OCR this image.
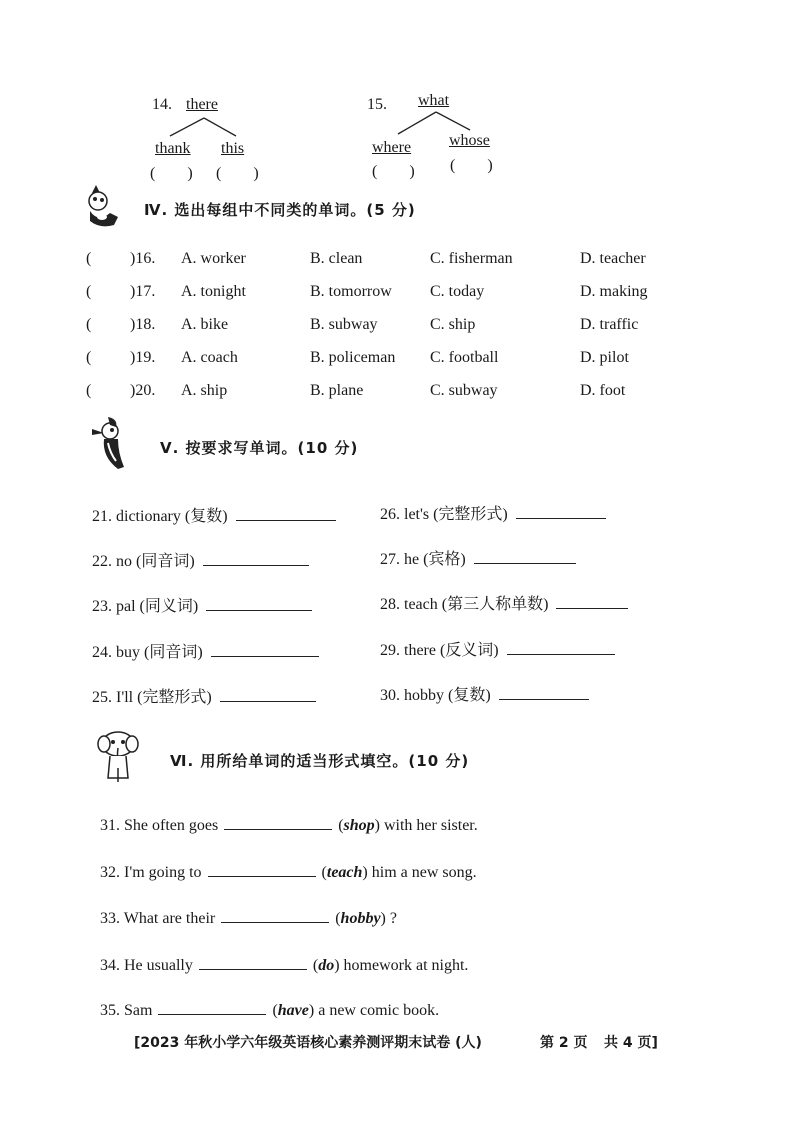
14. there
thank this
(　　) (　　)
15. what
where whose
(　　) (　　)
Ⅳ. 选出每组中不同类的单词。(5 分)
( )16. A. worker	B. clean	C. fisherman	D. teacher
( )17. A. tonight	B. tomorrow C. today	D. making
( )18. A. bike	B. subway	C. ship	D. traffic
( )19. A. coach	B. policeman C. football	D. pilot
( )20. A. ship	B. plane	C. subway	D. foot
Ⅴ. 按要求写单词。(10 分)
21. dictionary (复数)
22. no (同音词)
23. pal (同义词)
24. buy (同音词)
25. I'll (完整形式)
26. let's (完整形式)
27. he (宾格)
28. teach (第三人称单数)
29. there (反义词)
30. hobby (复数)
Ⅵ. 用所给单词的适当形式填空。(10 分)
31. She often goes	(shop) with her sister.
32. I'm going to	(teach) him a new song.
33. What are their	(hobby) ?
34. He usually	(do) homework at night.
35. Sam	(have) a new comic book.
[2023 年秋小学六年级英语核心素养测评期末试卷 (人)	第 2 页 共 4 页]
